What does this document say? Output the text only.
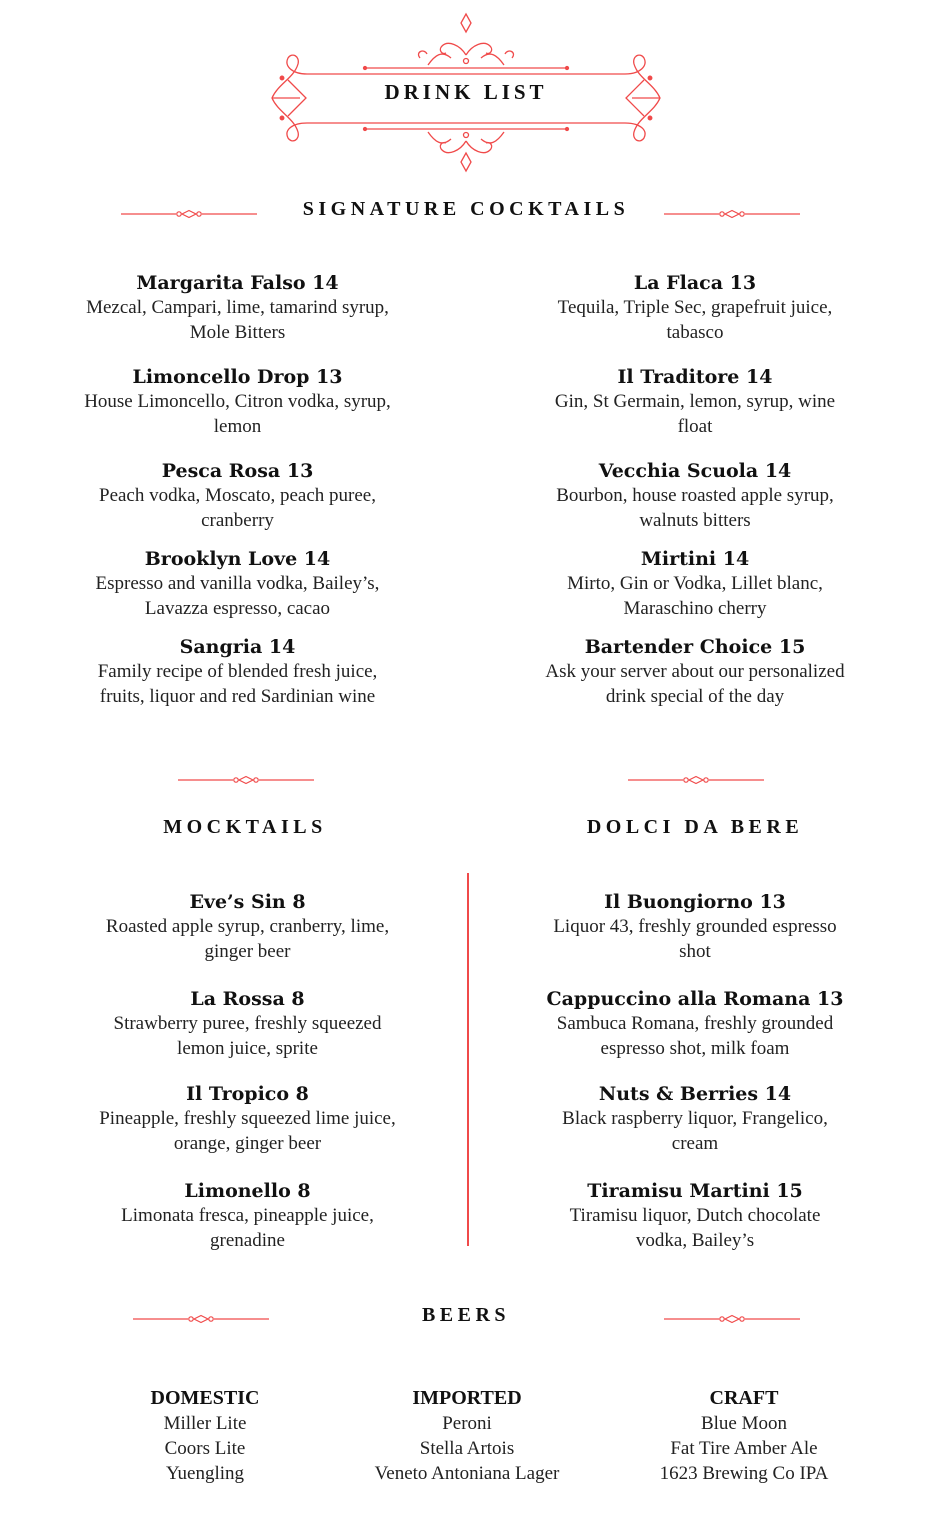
DRINK LIST
SIGNATURE COCKTAILS
Margarita Falso 14
Mezcal, Campari, lime, tamarind syrup,
Mole Bitters
Limoncello Drop 13
House Limoncello, Citron vodka, syrup,
lemon
Pesca Rosa 13
Peach vodka, Moscato, peach puree,
cranberry
Brooklyn Love 14
Espresso and vanilla vodka, Bailey’s,
Lavazza espresso, cacao
Sangria 14
Family recipe of blended fresh juice,
fruits, liquor and red Sardinian wine
La Flaca 13
Tequila, Triple Sec, grapefruit juice,
tabasco
Il Traditore 14
Gin, St Germain, lemon, syrup, wine
float
Vecchia Scuola 14
Bourbon, house roasted apple syrup,
walnuts bitters
Mirtini 14
Mirto, Gin or Vodka, Lillet blanc,
Maraschino cherry
Bartender Choice 15
Ask your server about our personalized
drink special of the day
MOCKTAILS	DOLCI DA BERE
Eve’s Sin 8
Roasted apple syrup, cranberry, lime,
ginger beer
La Rossa 8
Strawberry puree, freshly squeezed
lemon juice, sprite
Il Tropico 8
Pineapple, freshly squeezed lime juice,
orange, ginger beer
Limonello 8
Limonata fresca, pineapple juice,
grenadine
Il Buongiorno 13
Liquor 43, freshly grounded espresso
shot
Cappuccino alla Romana 13
Sambuca Romana, freshly grounded
espresso shot, milk foam
Nuts & Berries 14
Black raspberry liquor, Frangelico,
cream
Tiramisu Martini 15
Tiramisu liquor, Dutch chocolate
vodka, Bailey’s
BEERS
DOMESTIC
Miller Lite
Coors Lite
Yuengling
IMPORTED
Peroni
Stella Artois
Veneto Antoniana Lager
CRAFT
Blue Moon
Fat Tire Amber Ale
1623 Brewing Co IPA
